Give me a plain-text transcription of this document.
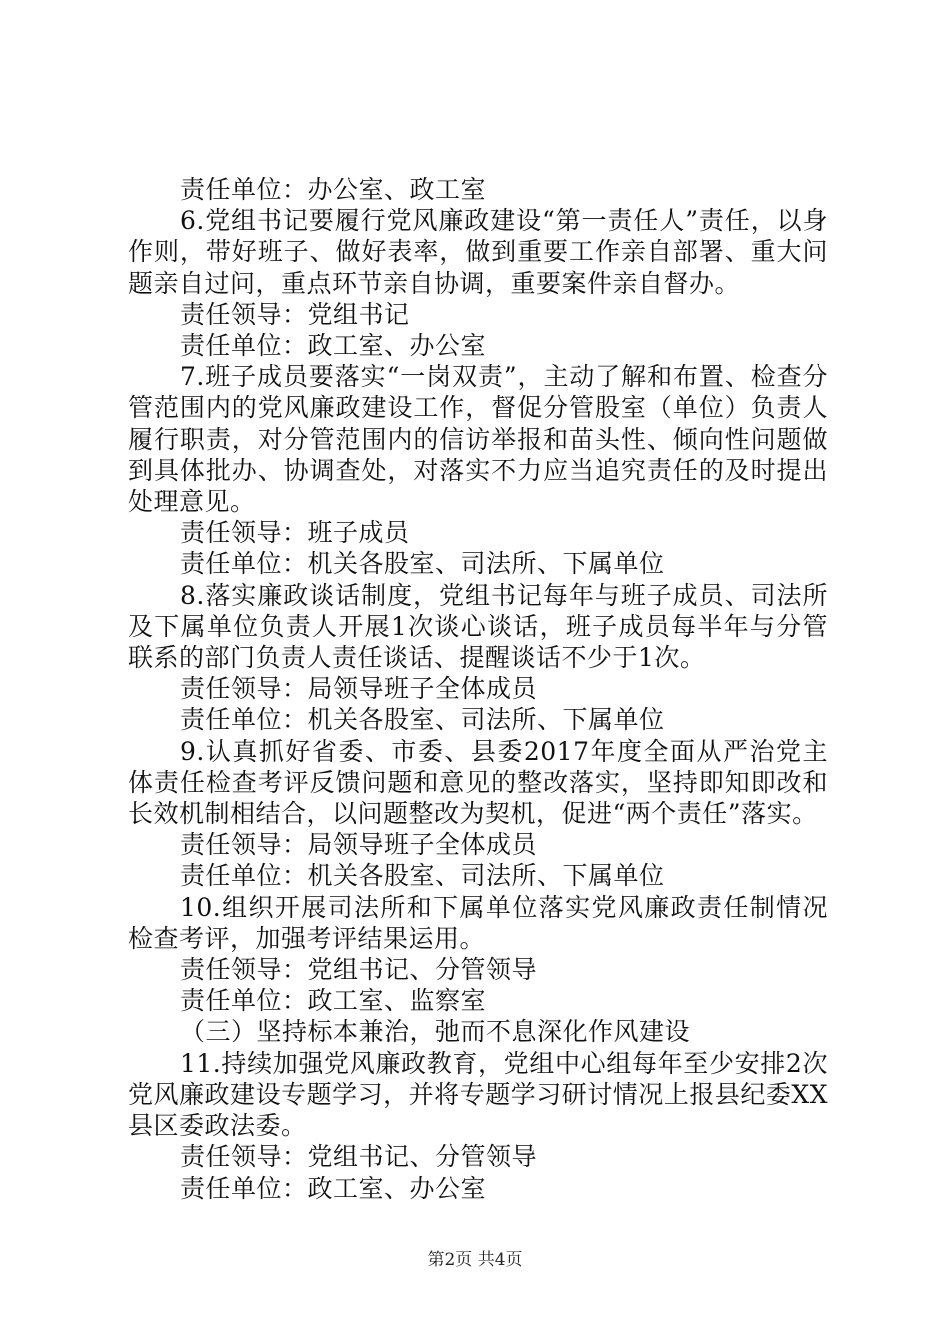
责任单位：办公室、政工室

6.党组书记要履行党风廉政建设“第一责任人”责任，以身作则，带好班子、做好表率，做到重要工作亲自部署、重大问题亲自过问，重点环节亲自协调，重要案件亲自督办。

责任领导：党组书记

责任单位：政工室、办公室

7.班子成员要落实“一岗双责”，主动了解和布置、检查分管范围内的党风廉政建设工作，督促分管股室（单位）负责人履行职责，对分管范围内的信访举报和苗头性、倾向性问题做到具体批办、协调查处，对落实不力应当追究责任的及时提出处理意见。

责任领导：班子成员

责任单位：机关各股室、司法所、下属单位

8.落实廉政谈话制度，党组书记每年与班子成员、司法所及下属单位负责人开展1次谈心谈话，班子成员每半年与分管联系的部门负责人责任谈话、提醒谈话不少于1次。

责任领导：局领导班子全体成员

责任单位：机关各股室、司法所、下属单位

9.认真抓好省委、市委、县委2017年度全面从严治党主体责任检查考评反馈问题和意见的整改落实，坚持即知即改和长效机制相结合，以问题整改为契机，促进“两个责任”落实。

责任领导：局领导班子全体成员

责任单位：机关各股室、司法所、下属单位

10.组织开展司法所和下属单位落实党风廉政责任制情况检查考评，加强考评结果运用。

责任领导：党组书记、分管领导

责任单位：政工室、监察室

（三）坚持标本兼治，弛而不息深化作风建设

11.持续加强党风廉政教育，党组中心组每年至少安排2次党风廉政建设专题学习，并将专题学习研讨情况上报县纪委XX县区委政法委。

责任领导：党组书记、分管领导

责任单位：政工室、办公室

第2页 共4页
